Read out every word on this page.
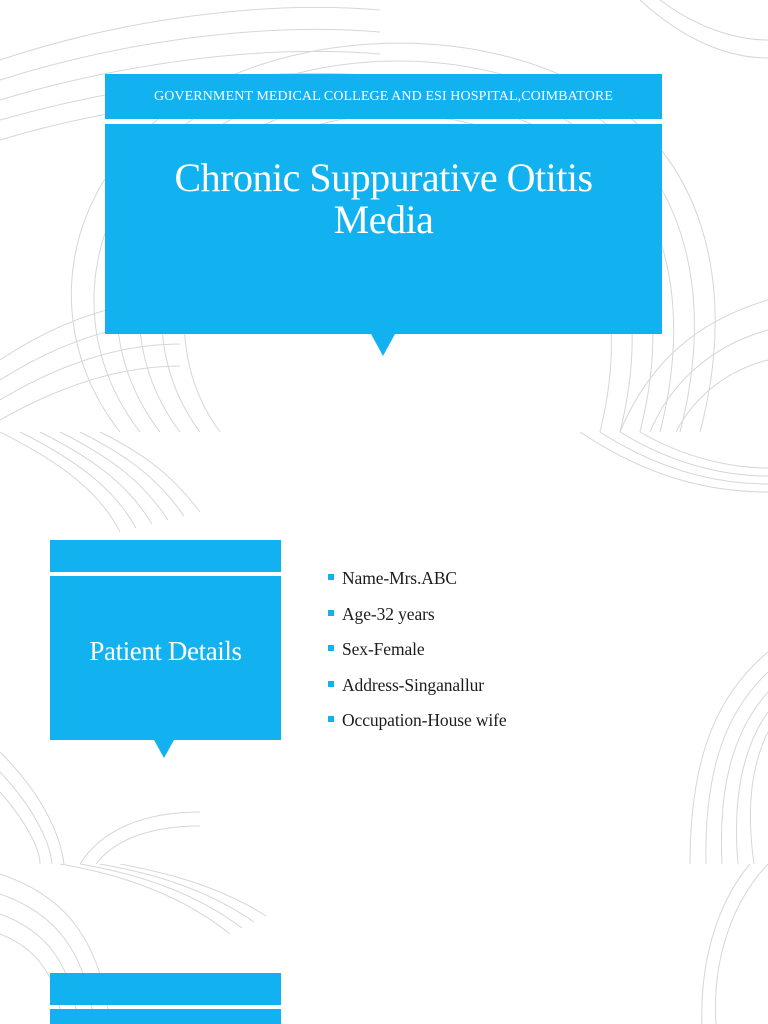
GOVERNMENT MEDICAL COLLEGE AND ESI HOSPITAL,COIMBATORE
Chronic Suppurative Otitis
Media
Patient Details
Name-Mrs.ABC
Age-32 years
Sex-Female
Address-Singanallur
Occupation-House wife
